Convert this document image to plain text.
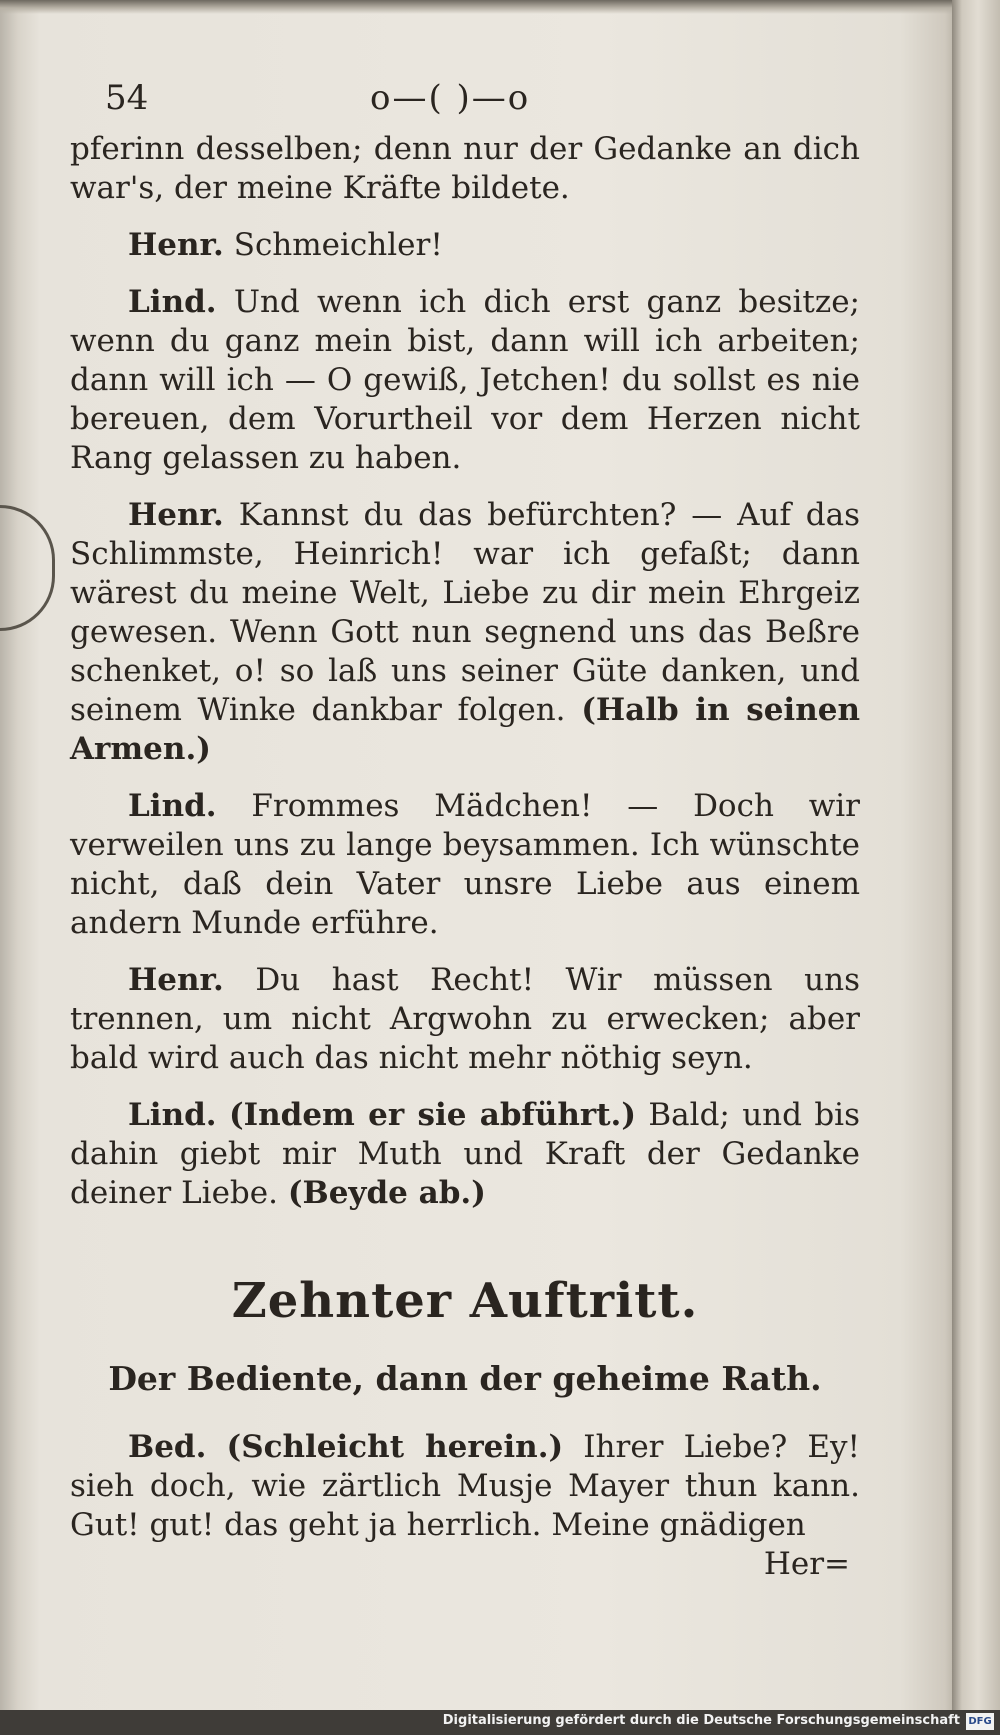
54	o—( )—o

pferinn desselben; denn nur der Gedanke an dich war's, der meine Kräfte bildete.

Henr. Schmeichler!

Lind. Und wenn ich dich erst ganz besitze; wenn du ganz mein bist, dann will ich arbeiten; dann will ich — O gewiß, Jetchen! du sollst es nie bereuen, dem Vorurtheil vor dem Herzen nicht Rang gelassen zu haben.

Henr. Kannst du das befürchten? — Auf das Schlimmste, Heinrich! war ich gefaßt; dann wärest du meine Welt, Liebe zu dir mein Ehrgeiz gewesen. Wenn Gott nun segnend uns das Beßre schenket, o! so laß uns seiner Güte danken, und seinem Winke dankbar folgen. (Halb in seinen Armen.)

Lind. Frommes Mädchen! — Doch wir verweilen uns zu lange beysammen. Ich wünschte nicht, daß dein Vater unsre Liebe aus einem andern Munde erführe.

Henr. Du hast Recht! Wir müssen uns trennen, um nicht Argwohn zu erwecken; aber bald wird auch das nicht mehr nöthig seyn.

Lind. (Indem er sie abführt.) Bald; und bis dahin giebt mir Muth und Kraft der Gedanke deiner Liebe. (Beyde ab.)

Zehnter Auftritt.
Der Bediente, dann der geheime Rath.

Bed. (Schleicht herein.) Ihrer Liebe? Ey! sieh doch, wie zärtlich Musje Mayer thun kann. Gut! gut! das geht ja herrlich. Meine gnädigen

Her=
Digitalisierung gefördert durch die Deutsche Forschungsgemeinschaft DFG
